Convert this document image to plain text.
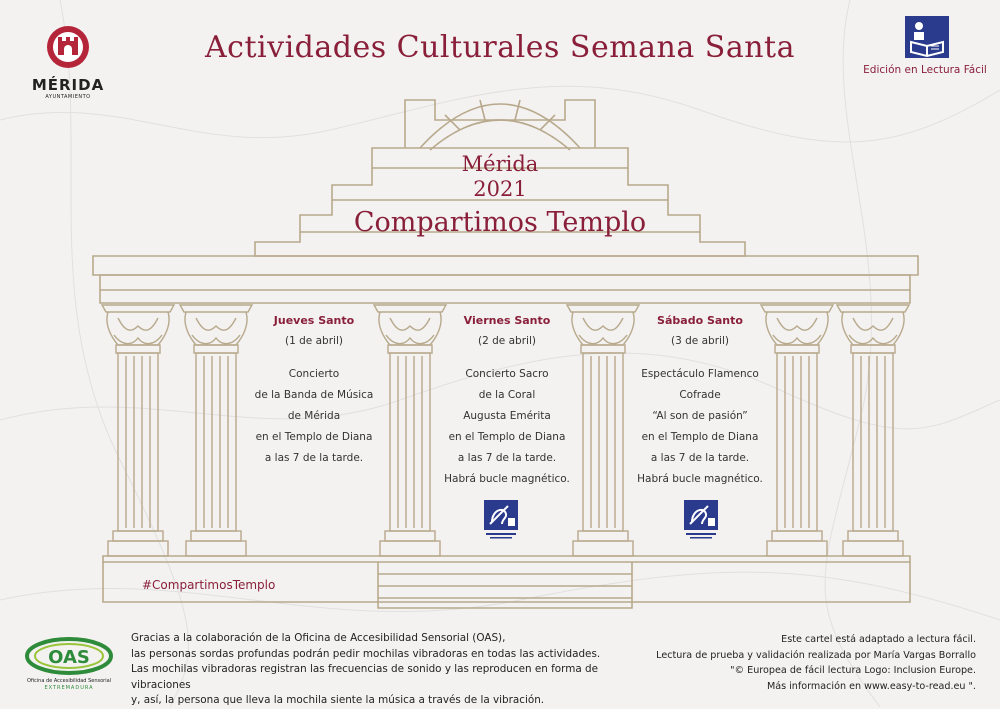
MÉRIDA
AYUNTAMIENTO
Actividades Culturales Semana Santa
Edición en Lectura Fácil
Mérida
2021
Compartimos Templo
Jueves Santo
(1 de abril)
Concierto
de la Banda de Música
de Mérida
en el Templo de Diana
a las 7 de la tarde.
Viernes Santo
(2 de abril)
Concierto Sacro
de la Coral
Augusta Emérita
en el Templo de Diana
a las 7 de la tarde.
Habrá bucle magnético.
Sábado Santo
(3 de abril)
Espectáculo Flamenco
Cofrade
“Al son de pasión”
en el Templo de Diana
a las 7 de la tarde.
Habrá bucle magnético.
#CompartimosTemplo
OAS
Oficina de Accesibilidad Sensorial
EXTREMADURA
Gracias a la colaboración de la Oficina de Accesibilidad Sensorial (OAS),
las personas sordas profundas podrán pedir mochilas vibradoras en todas las actividades.
Las mochilas vibradoras registran las frecuencias de sonido y las reproducen en forma de vibraciones
y, así, la persona que lleva la mochila siente la música a través de la vibración.
Este cartel está adaptado a lectura fácil.
Lectura de prueba y validación realizada por María Vargas Borrallo
"© Europea de fácil lectura Logo: Inclusion Europe.
Más información en www.easy-to-read.eu ".
